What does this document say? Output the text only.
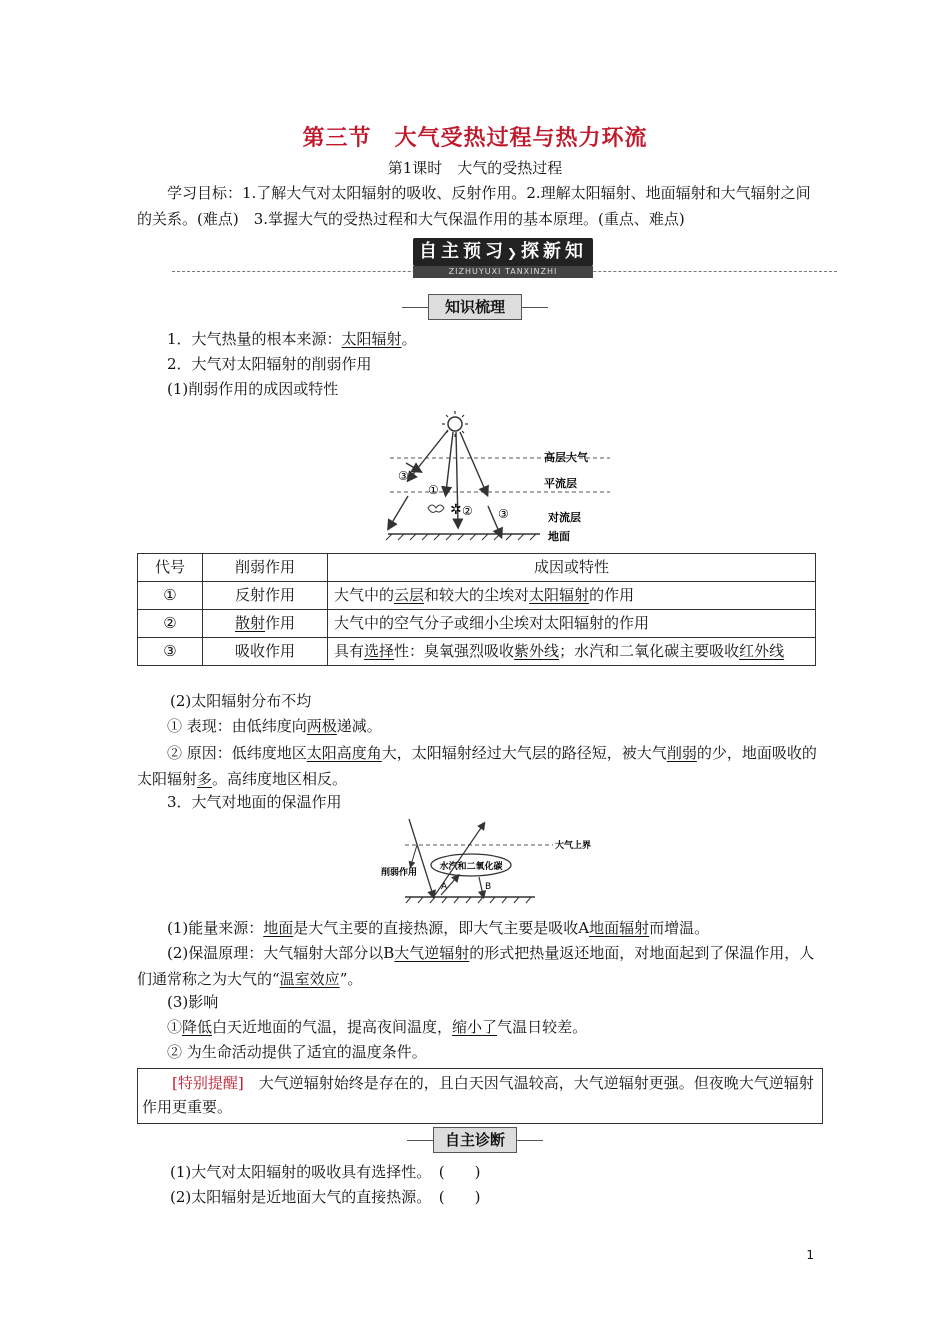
第三节　大气受热过程与热力环流
第1课时　大气的受热过程
学习目标：1.了解大气对太阳辐射的吸收、反射作用。2.理解太阳辐射、地面辐射和大气辐射之间的关系。(难点)　3.掌握大气的受热过程和大气保温作用的基本原理。(重点、难点)
自主预习❯探新知
ZIZHUYUXI TANXINZHI
知识梳理
1．大气热量的根本来源：太阳辐射。
2．大气对太阳辐射的削弱作用
(1)削弱作用的成因或特性
③
①
② ③
✲
高层大气
平流层
对流层
地面
代号	削弱作用	成因或特性
①	反射作用	大气中的云层和较大的尘埃对太阳辐射的作用
②	散射作用	大气中的空气分子或细小尘埃对太阳辐射的作用
③	吸收作用	具有选择性：臭氧强烈吸收紫外线；水汽和二氧化碳主要吸收红外线
(2)太阳辐射分布不均
① 表现：由低纬度向两极递减。
② 原因：低纬度地区太阳高度角大，太阳辐射经过大气层的路径短，被大气削弱的少，地面吸收的太阳辐射多。高纬度地区相反。
3．大气对地面的保温作用
大气上界
削弱作用
水汽和二氧化碳
A	B
(1)能量来源：地面是大气主要的直接热源，即大气主要是吸收A地面辐射而增温。
(2)保温原理：大气辐射大部分以B大气逆辐射的形式把热量返还地面，对地面起到了保温作用，人们通常称之为大气的“温室效应”。
(3)影响
①降低白天近地面的气温，提高夜间温度，缩小了气温日较差。
② 为生命活动提供了适宜的温度条件。
[特别提醒]　大气逆辐射始终是存在的，且白天因气温较高，大气逆辐射更强。但夜晚大气逆辐射作用更重要。
自主诊断
(1)大气对太阳辐射的吸收具有选择性。　(　　)
(2)太阳辐射是近地面大气的直接热源。　(　　)
1
